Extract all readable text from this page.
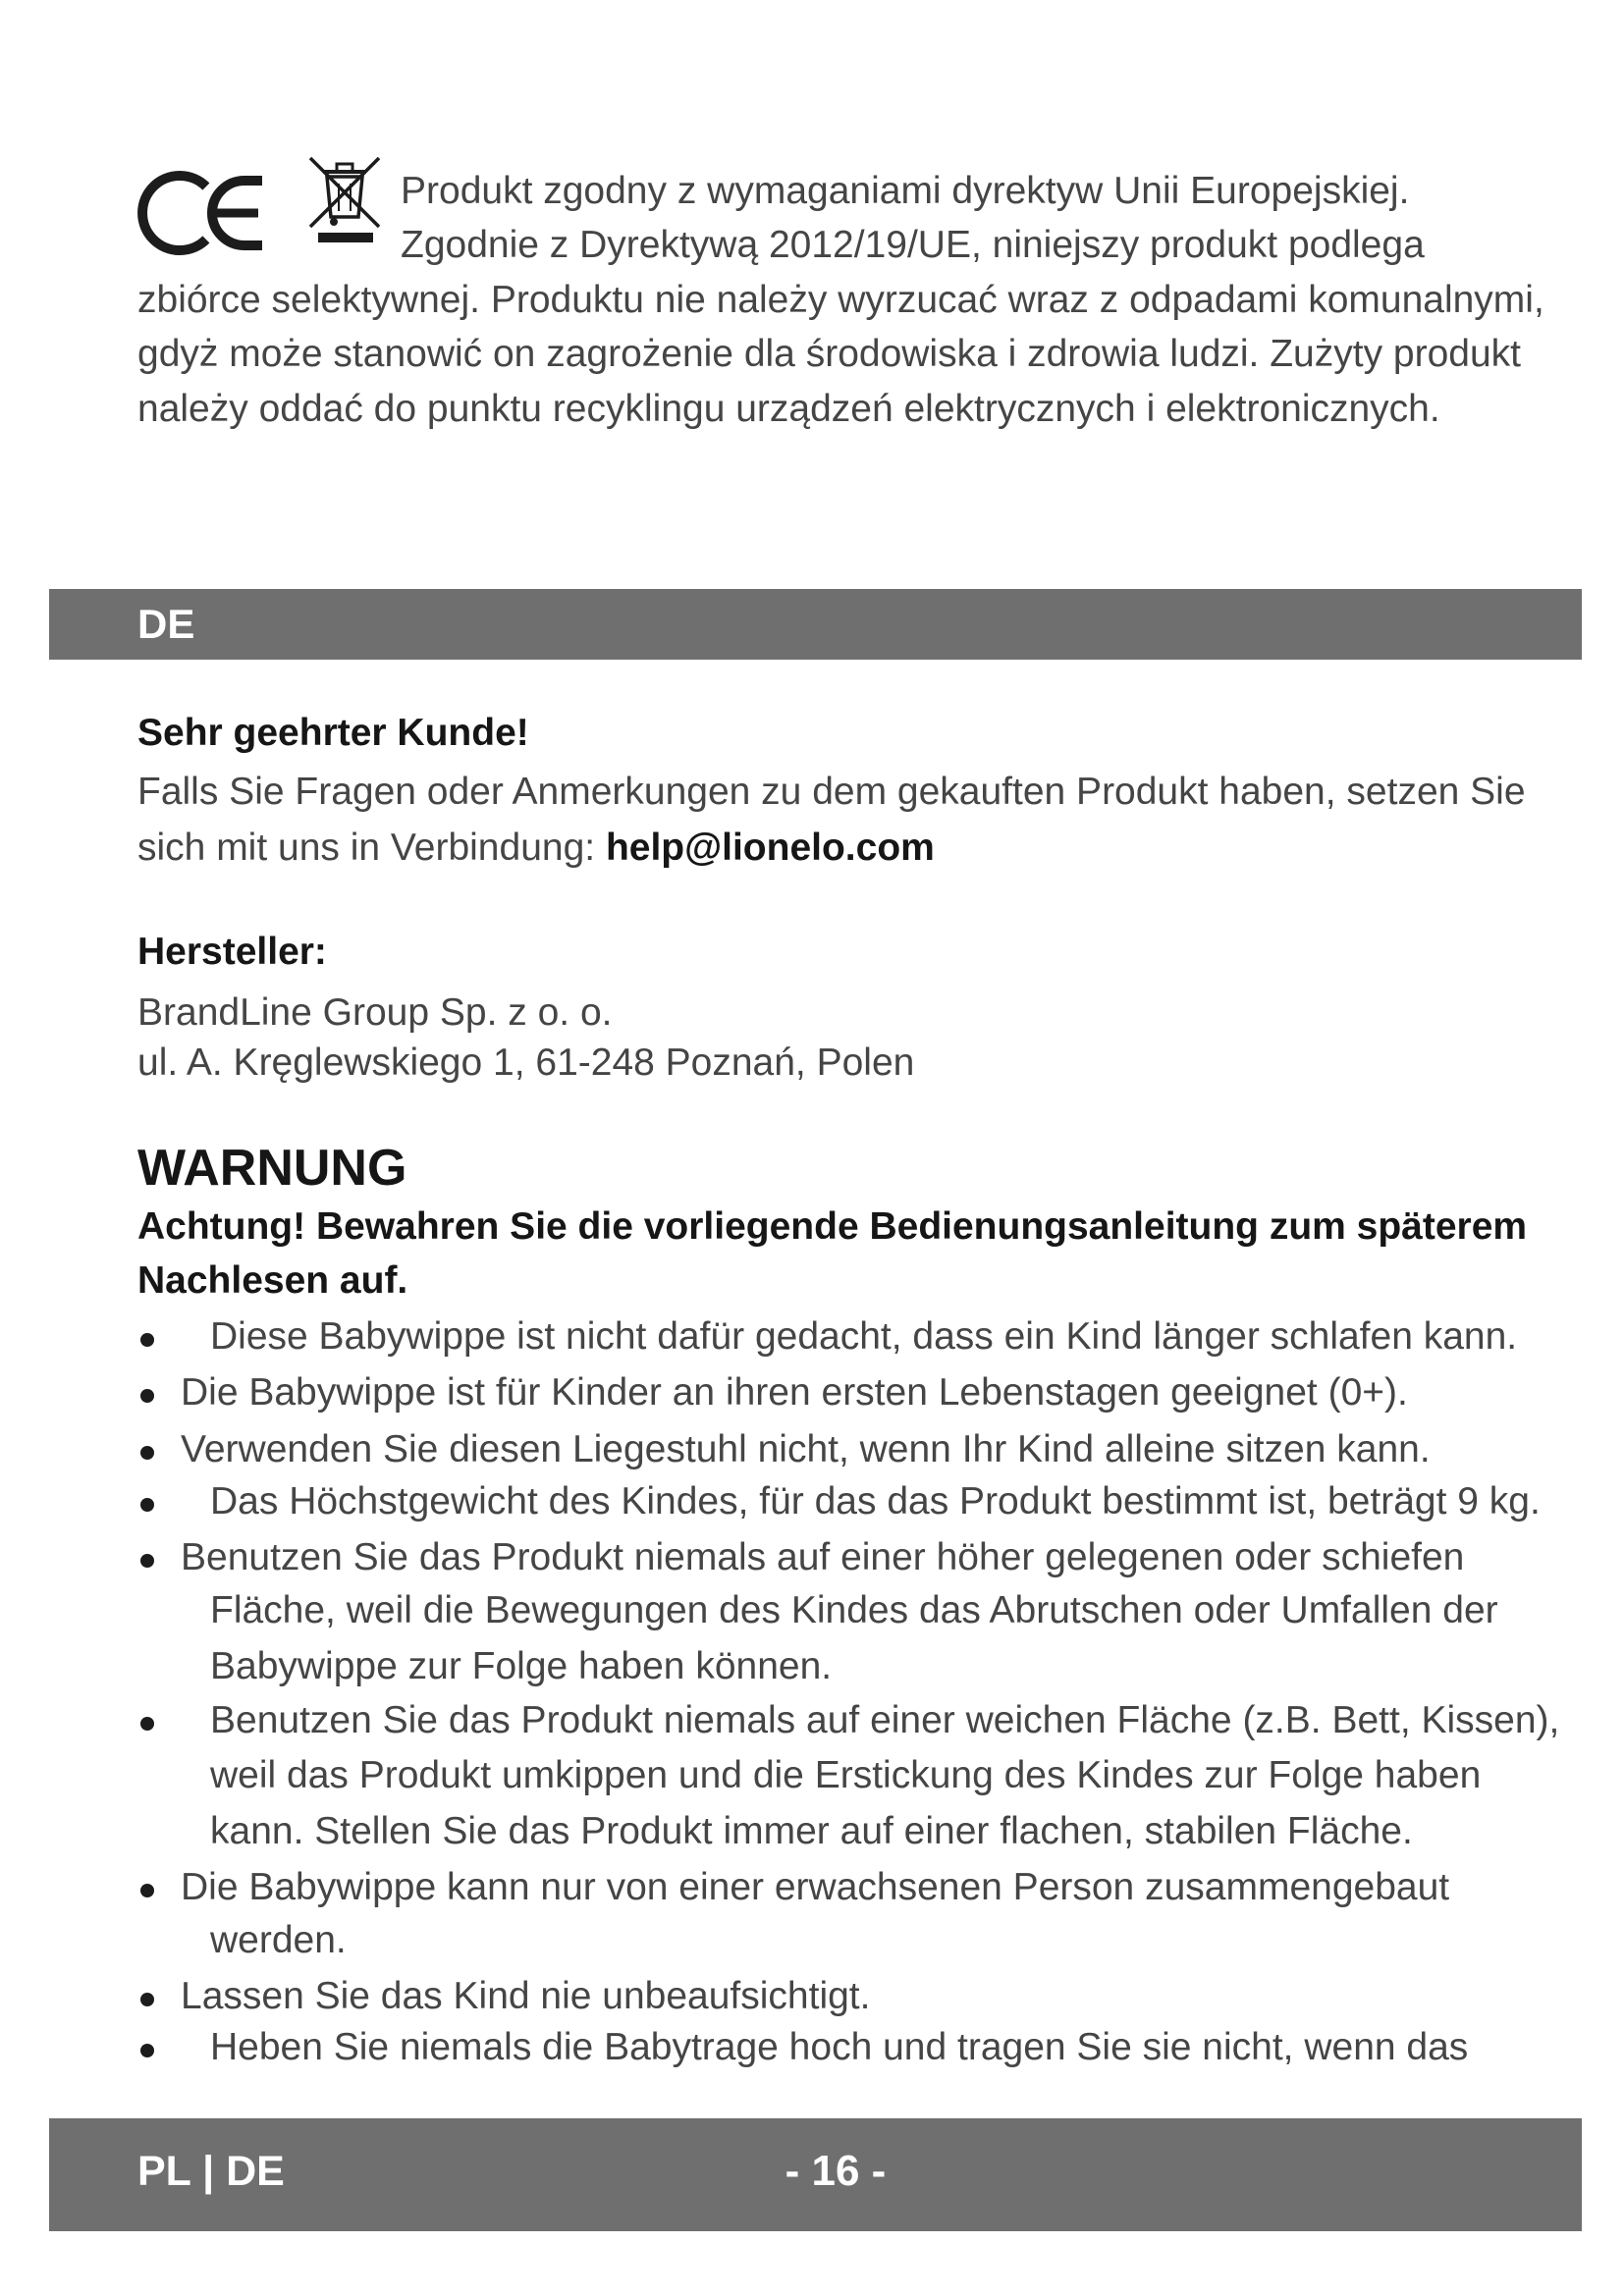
Produkt zgodny z wymaganiami dyrektyw Unii Europejskiej.
Zgodnie z Dyrektywą 2012/19/UE, niniejszy produkt podlega
zbiórce selektywnej. Produktu nie należy wyrzucać wraz z odpadami komunalnymi,
gdyż może stanowić on zagrożenie dla środowiska i zdrowia ludzi. Zużyty produkt
należy oddać do punktu recyklingu urządzeń elektrycznych i elektronicznych.
DE
Sehr geehrter Kunde!
Falls Sie Fragen oder Anmerkungen zu dem gekauften Produkt haben, setzen Sie
sich mit uns in Verbindung: help@lionelo.com
Hersteller:
BrandLine Group Sp. z o. o.
ul. A. Kręglewskiego 1, 61-248 Poznań, Polen
WARNUNG
Achtung! Bewahren Sie die vorliegende Bedienungsanleitung zum späterem
Nachlesen auf.
Diese Babywippe ist nicht dafür gedacht, dass ein Kind länger schlafen kann.
Die Babywippe ist für Kinder an ihren ersten Lebenstagen geeignet (0+).
Verwenden Sie diesen Liegestuhl nicht, wenn Ihr Kind alleine sitzen kann.
Das Höchstgewicht des Kindes, für das das Produkt bestimmt ist, beträgt 9 kg.
Benutzen Sie das Produkt niemals auf einer höher gelegenen oder schiefen
Fläche, weil die Bewegungen des Kindes das Abrutschen oder Umfallen der
Babywippe zur Folge haben können.
Benutzen Sie das Produkt niemals auf einer weichen Fläche (z.B. Bett, Kissen),
weil das Produkt umkippen und die Erstickung des Kindes zur Folge haben
kann. Stellen Sie das Produkt immer auf einer flachen, stabilen Fläche.
Die Babywippe kann nur von einer erwachsenen Person zusammengebaut
werden.
Lassen Sie das Kind nie unbeaufsichtigt.
Heben Sie niemals die Babytrage hoch und tragen Sie sie nicht, wenn das
PL | DE	- 16 -
